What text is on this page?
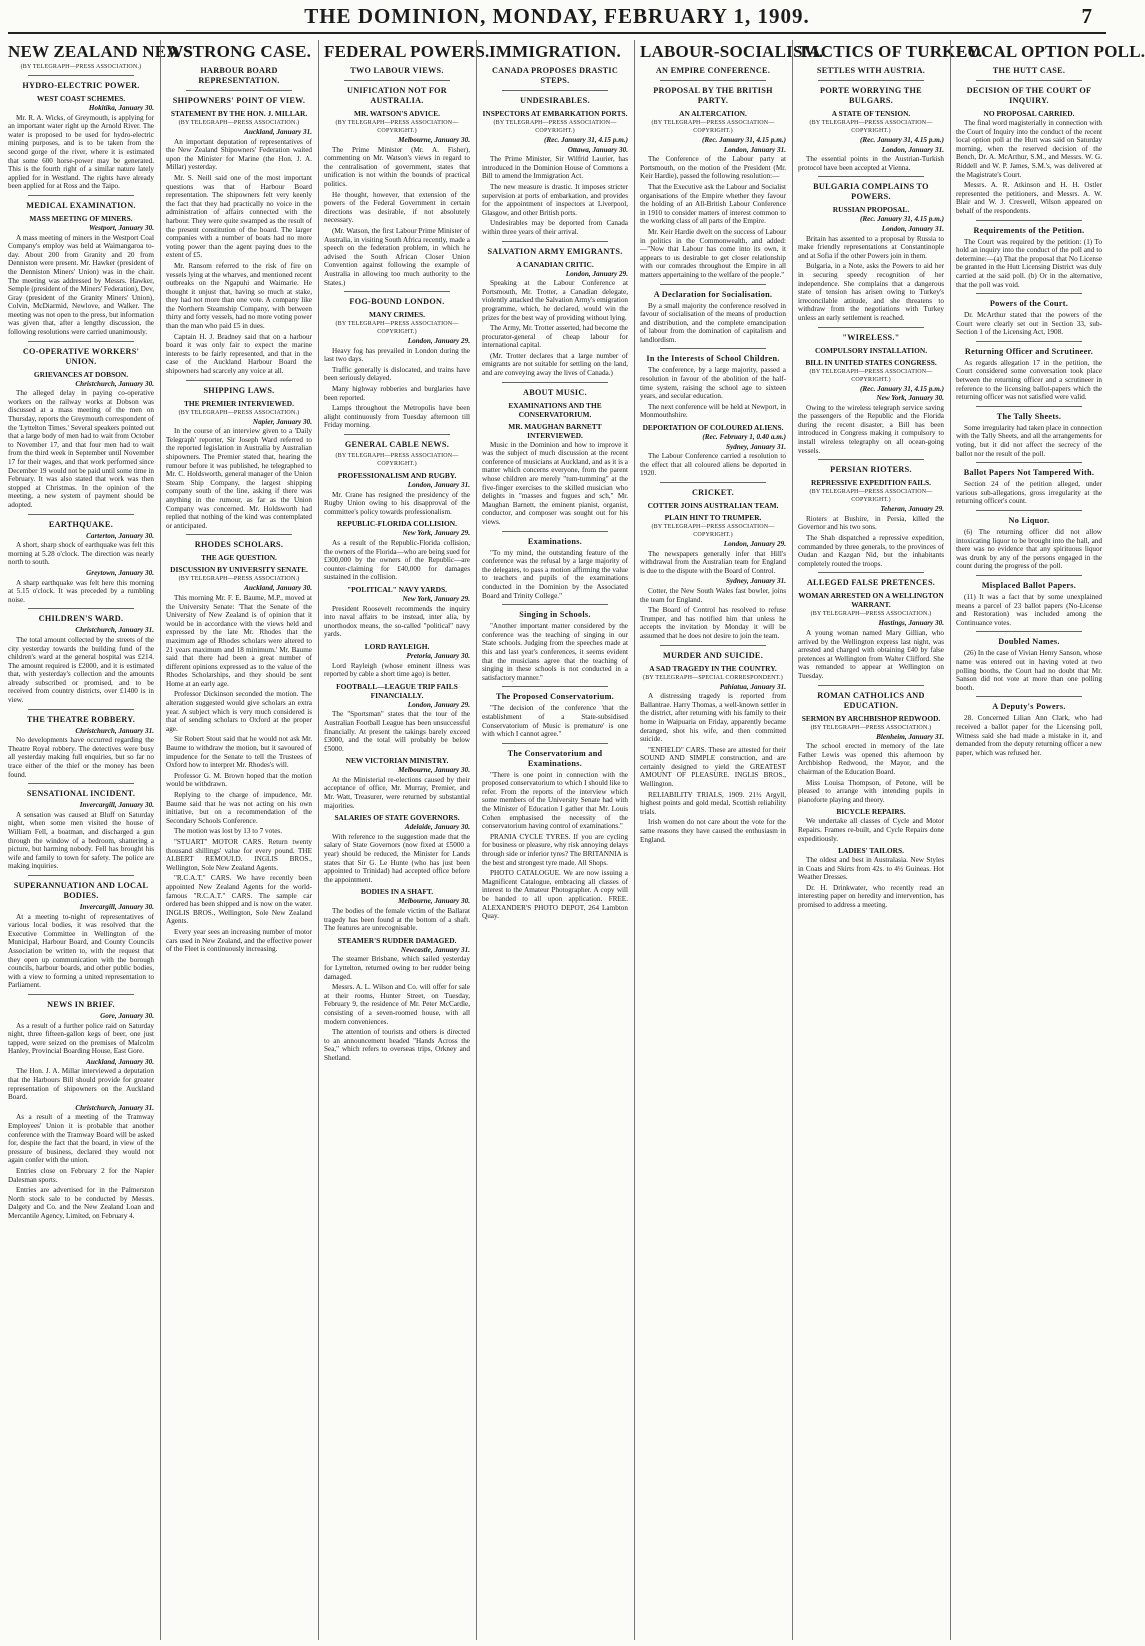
THE DOMINION, MONDAY, FEBRUARY 1, 1909.	7
NEW ZEALAND NEWS
(BY TELEGRAPH—PRESS ASSOCIATION.)
HYDRO-ELECTRIC POWER.
WEST COAST SCHEMES.
Hokitika, January 30.

Mr. R. A. Wicks, of Greymouth, is applying for an important water right up the Arnold River. The water is proposed to be used for hydro-electric mining purposes, and is to be taken from the second gorge of the river, where it is estimated that some 600 horse-power may be generated. This is the fourth right of a similar nature lately applied for in Westland. The rights have already been applied for at Ross and the Taipo.

MEDICAL EXAMINATION.
MASS MEETING OF MINERS.
Westport, January 30.

A mass meeting of miners in the Westport Coal Company's employ was held at Waimangaroa to-day. About 200 from Granity and 20 from Denniston were present. Mr. Hawker (president of the Denniston Miners' Union) was in the chair. The meeting was addressed by Messrs. Hawker, Semple (president of the Miners' Federation), Dev, Gray (president of the Granity Miners' Union), Colvin, McDiarmid, Newlove, and Walker. The meeting was not open to the press, but information was given that, after a lengthy discussion, the following resolutions were carried unanimously.

CO-OPERATIVE WORKERS' UNION.
GRIEVANCES AT DOBSON.
Christchurch, January 30.

The alleged delay in paying co-operative workers on the railway works at Dobson was discussed at a mass meeting of the men on Thursday, reports the Greymouth correspondent of the 'Lyttelton Times.' Several speakers pointed out that a large body of men had to wait from October to November 17, and that four men had to wait from the third week in September until November 17 for their wages, and that work performed since December 19 would not be paid until some time in February. It was also stated that work was then stopped at Christmas. In the opinion of the meeting, a new system of payment should be adopted.

EARTHQUAKE.
Carterton, January 30.

A short, sharp shock of earthquake was felt this morning at 5.28 o'clock. The direction was nearly north to south.

Greytown, January 30.

A sharp earthquake was felt here this morning at 5.15 o'clock. It was preceded by a rumbling noise.

CHILDREN'S WARD.
Christchurch, January 31.

The total amount collected by the streets of the city yesterday towards the building fund of the children's ward at the general hospital was £214. The amount required is £2000, and it is estimated that, with yesterday's collection and the amounts already subscribed or promised, and to be received from country districts, over £1400 is in view.

THE THEATRE ROBBERY.
Christchurch, January 31.

No developments have occurred regarding the Theatre Royal robbery. The detectives were busy all yesterday making full enquiries, but so far no trace either of the thief or the money has been found.

SENSATIONAL INCIDENT.
Invercargill, January 30.

A sensation was caused at Bluff on Saturday night, when some men visited the house of William Fell, a boatman, and discharged a gun through the window of a bedroom, shattering a picture, but harming nobody. Fell has brought his wife and family to town for safety. The police are making inquiries.

SUPERANNUATION AND LOCAL BODIES.
Invercargill, January 30.

At a meeting to-night of representatives of various local bodies, it was resolved that the Executive Committee in Wellington of the Municipal, Harbour Board, and County Councils Association be written to, with the request that they open up communication with the borough councils, harbour boards, and other public bodies, with a view to forming a united representation to Parliament.

NEWS IN BRIEF.
Gore, January 30.

As a result of a further police raid on Saturday night, three fifteen-gallon kegs of beer, one just tapped, were seized on the premises of Malcolm Hanley, Provincial Boarding House, East Gore.

Auckland, January 30.

The Hon. J. A. Millar interviewed a deputation that the Harbours Bill should provide for greater representation of shipowners on the Auckland Board.

Christchurch, January 31.

As a result of a meeting of the Tramway Employees' Union it is probable that another conference with the Tramway Board will be asked for, despite the fact that the board, in view of the pressure of business, declared they would not again confer with the union.

Entries close on February 2 for the Napier Dalesman sports.

Entries are advertised for in the Palmerston North stock sale to be conducted by Messrs. Dalgety and Co. and the New Zealand Loan and Mercantile Agency, Limited, on February 4.

A STRONG CASE.
HARBOUR BOARD REPRESENTATION.
SHIPOWNERS' POINT OF VIEW.
STATEMENT BY THE HON. J. MILLAR.
(BY TELEGRAPH—PRESS ASSOCIATION.)
Auckland, January 31.

An important deputation of representatives of the New Zealand Shipowners' Federation waited upon the Minister for Marine (the Hon. J. A. Millar) yesterday.

Mr. S. Neill said one of the most important questions was that of Harbour Board representation. The shipowners felt very keenly the fact that they had practically no voice in the administration of affairs connected with the harbour. They were quite swamped as the result of the present constitution of the board. The larger companies with a number of boats had no more voting power than the agent paying dues to the extent of £5.

Mr. Ransom referred to the risk of fire on vessels lying at the wharves, and mentioned recent outbreaks on the Ngapuhi and Waimarie. He thought it unjust that, having so much at stake, they had not more than one vote. A company like the Northern Steamship Company, with between thirty and forty vessels, had no more voting power than the man who paid £5 in dues.

Captain H. J. Bradney said that on a harbour board it was only fair to expect the marine interests to be fairly represented, and that in the case of the Auckland Harbour Board the shipowners had scarcely any voice at all.

SHIPPING LAWS.
THE PREMIER INTERVIEWED.
(BY TELEGRAPH—PRESS ASSOCIATION.)
Napier, January 30.

In the course of an interview given to a 'Daily Telegraph' reporter, Sir Joseph Ward referred to the reported legislation in Australia by Australian shipowners. The Premier stated that, hearing the rumour before it was published, he telegraphed to Mr. C. Holdsworth, general manager of the Union Steam Ship Company, the largest shipping company south of the line, asking if there was anything in the rumour, as far as the Union Company was concerned. Mr. Holdsworth had replied that nothing of the kind was contemplated or anticipated.

RHODES SCHOLARS.
THE AGE QUESTION.
DISCUSSION BY UNIVERSITY SENATE.
(BY TELEGRAPH—PRESS ASSOCIATION.)
Auckland, January 30.

This morning Mr. F. E. Baume, M.P., moved at the University Senate: 'That the Senate of the University of New Zealand is of opinion that it would be in accordance with the views held and expressed by the late Mr. Rhodes that the maximum age of Rhodes scholars were altered to 21 years maximum and 18 minimum.' Mr. Baume said that there had been a great number of different opinions expressed as to the value of the Rhodes Scholarships, and they should be sent Home at an early age.

Professor Dickinson seconded the motion. The alteration suggested would give scholars an extra year. A subject which is very much considered is that of sending scholars to Oxford at the proper age.

Sir Robert Stout said that he would not ask Mr. Baume to withdraw the motion, but it savoured of impudence for the Senate to tell the Trustees of Oxford how to interpret Mr. Rhodes's will.

Professor G. M. Brown hoped that the motion would be withdrawn.

Replying to the charge of impudence, Mr. Baume said that he was not acting on his own initiative, but on a recommendation of the Secondary Schools Conference.

The motion was lost by 13 to 7 votes.

"STUART" MOTOR CARS. Return twenty thousand shillings' value for every pound. THE ALBERT REMOULD. INGLIS BROS., Wellington, Sole New Zealand Agents.

"R.C.A.T." CARS. We have recently been appointed New Zealand Agents for the world-famous "R.C.A.T." CARS. The sample car ordered has been shipped and is now on the water. INGLIS BROS., Wellington, Sole New Zealand Agents.

Every year sees an increasing number of motor cars used in New Zealand, and the effective power of the Fleet is continuously increasing.

FEDERAL POWERS.
TWO LABOUR VIEWS.
UNIFICATION NOT FOR AUSTRALIA.
MR. WATSON'S ADVICE.
(BY TELEGRAPH—PRESS ASSOCIATION—COPYRIGHT.)
Melbourne, January 30.

The Prime Minister (Mr. A. Fisher), commenting on Mr. Watson's views in regard to the centralisation of government, states that unification is not within the bounds of practical politics.

He thought, however, that extension of the powers of the Federal Government in certain directions was desirable, if not absolutely necessary.

(Mr. Watson, the first Labour Prime Minister of Australia, in visiting South Africa recently, made a speech on the federation problem, in which he advised the South African Closer Union Convention against following the example of Australia in allowing too much authority to the States.)

FOG-BOUND LONDON.
MANY CRIMES.
(BY TELEGRAPH—PRESS ASSOCIATION—COPYRIGHT.)
London, January 29.

Heavy fog has prevailed in London during the last two days.

Traffic generally is dislocated, and trains have been seriously delayed.

Many highway robberies and burglaries have been reported.

Lamps throughout the Metropolis have been alight continuously from Tuesday afternoon till Friday morning.

GENERAL CABLE NEWS.
(BY TELEGRAPH—PRESS ASSOCIATION—COPYRIGHT.)
PROFESSIONALISM AND RUGBY.
London, January 31.

Mr. Crane has resigned the presidency of the Rugby Union owing to his disapproval of the committee's policy towards professionalism.

REPUBLIC-FLORIDA COLLISION.
New York, January 29.

As a result of the Republic-Florida collision, the owners of the Florida—who are being sued for £300,000 by the owners of the Republic—are counter-claiming for £40,000 for damages sustained in the collision.

"POLITICAL" NAVY YARDS.
New York, January 29.

President Roosevelt recommends the inquiry into naval affairs to be instead, inter alia, by unorthodox means, the so-called "political" navy yards.

LORD RAYLEIGH.
Pretoria, January 30.

Lord Rayleigh (whose eminent illness was reported by cable a short time ago) is better.

FOOTBALL—LEAGUE TRIP FAILS FINANCIALLY.
London, January 29.

The "Sportsman" states that the tour of the Australian Football League has been unsuccessful financially. At present the takings barely exceed £3000, and the total will probably be below £5000.

NEW VICTORIAN MINISTRY.
Melbourne, January 30.

At the Ministerial re-elections caused by their acceptance of office, Mr. Murray, Premier, and Mr. Watt, Treasurer, were returned by substantial majorities.

SALARIES OF STATE GOVERNORS.
Adelaide, January 30.

With reference to the suggestion made that the salary of State Governors (now fixed at £5000 a year) should be reduced, the Minister for Lands states that Sir G. Le Hunte (who has just been appointed to Trinidad) had accepted office before the appointment.

BODIES IN A SHAFT.
Melbourne, January 30.

The bodies of the female victim of the Ballarat tragedy has been found at the bottom of a shaft. The features are unrecognisable.

STEAMER'S RUDDER DAMAGED.
Newcastle, January 31.

The steamer Brisbane, which sailed yesterday for Lyttelton, returned owing to her rudder being damaged.

Messrs. A. L. Wilson and Co. will offer for sale at their rooms, Hunter Street, on Tuesday, February 9, the residence of Mr. Peter McCardle, consisting of a seven-roomed house, with all modern conveniences.

The attention of tourists and others is directed to an announcement headed "Hands Across the Sea," which refers to overseas trips, Orkney and Shetland.

IMMIGRATION.
CANADA PROPOSES DRASTIC STEPS.
UNDESIRABLES.
INSPECTORS AT EMBARKATION PORTS.
(BY TELEGRAPH—PRESS ASSOCIATION—COPYRIGHT.)
(Rec. January 31, 4.15 p.m.)
Ottawa, January 30.

The Prime Minister, Sir Wilfrid Laurier, has introduced in the Dominion House of Commons a Bill to amend the Immigration Act.

The new measure is drastic. It imposes stricter supervision at ports of embarkation, and provides for the appointment of inspectors at Liverpool, Glasgow, and other British ports.

Undesirables may be deported from Canada within three years of their arrival.

SALVATION ARMY EMIGRANTS.
A CANADIAN CRITIC.
London, January 29.

Speaking at the Labour Conference at Portsmouth, Mr. Trotter, a Canadian delegate, violently attacked the Salvation Army's emigration programme, which, he declared, would win the prizes for the best way of providing without lying.

The Army, Mr. Trotter asserted, had become the procurator-general of cheap labour for international capital.

(Mr. Trotter declares that a large number of emigrants are not suitable for settling on the land, and are conveying away the lives of Canada.)

ABOUT MUSIC.
EXAMINATIONS AND THE CONSERVATORIUM.
MR. MAUGHAN BARNETT INTERVIEWED.

Music in the Dominion and how to improve it was the subject of much discussion at the recent conference of musicians at Auckland, and as it is a matter which concerns everyone, from the parent whose children are merely "tum-tumming" at the five-finger exercises to the skilled musician who delights in "masses and fugues and sch," Mr. Maughan Barnett, the eminent pianist, organist, conductor, and composer was sought out for his views.

Examinations.

"To my mind, the outstanding feature of the conference was the refusal by a large majority of the delegates, to pass a motion affirming the value to teachers and pupils of the examinations conducted in the Dominion by the Associated Board and Trinity College."

Singing in Schools.

"Another important matter considered by the conference was the teaching of singing in our State schools. Judging from the speeches made at this and last year's conferences, it seems evident that the musicians agree that the teaching of singing in these schools is not conducted in a satisfactory manner."

The Proposed Conservatorium.

"The decision of the conference 'that the establishment of a State-subsidised Conservatorium of Music is premature' is one with which I cannot agree."

The Conservatorium and Examinations.

"There is one point in connection with the proposed conservatorium to which I should like to refer. From the reports of the interview which some members of the University Senate had with the Minister of Education I gather that Mr. Louis Cohen emphasised the necessity of the conservatorium having control of examinations."

PRANIA CYCLE TYRES. If you are cycling for business or pleasure, why risk annoying delays through side or inferior tyres? The BRITANNIA is the best and strongest tyre made. All Shops.

PHOTO CATALOGUE. We are now issuing a Magnificent Catalogue, embracing all classes of interest to the Amateur Photographer. A copy will be handed to all upon application. FREE. ALEXANDER'S PHOTO DEPOT, 264 Lambton Quay.

LABOUR-SOCIALISM.
AN EMPIRE CONFERENCE.
PROPOSAL BY THE BRITISH PARTY.
AN ALTERCATION.
(BY TELEGRAPH—PRESS ASSOCIATION—COPYRIGHT.)
(Rec. January 31, 4.15 p.m.)
London, January 31.

The Conference of the Labour party at Portsmouth, on the motion of the President (Mr. Keir Hardie), passed the following resolution:—

That the Executive ask the Labour and Socialist organisations of the Empire whether they favour the holding of an All-British Labour Conference in 1910 to consider matters of interest common to the working class of all parts of the Empire.

Mr. Keir Hardie dwelt on the success of Labour in politics in the Commonwealth, and added:—"Now that Labour has come into its own, it appears to us desirable to get closer relationship with our comrades throughout the Empire in all matters appertaining to the welfare of the people."

A Declaration for Socialisation.

By a small majority the conference resolved in favour of socialisation of the means of production and distribution, and the complete emancipation of labour from the domination of capitalism and landlordism.

In the Interests of School Children.

The conference, by a large majority, passed a resolution in favour of the abolition of the half-time system, raising the school age to sixteen years, and secular education.

The next conference will be held at Newport, in Monmouthshire.

DEPORTATION OF COLOURED ALIENS.
(Rec. February 1, 0.40 a.m.)
Sydney, January 31.

The Labour Conference carried a resolution to the effect that all coloured aliens be deported in 1920.

CRICKET.
COTTER JOINS AUSTRALIAN TEAM.
PLAIN HINT TO TRUMPER.
(BY TELEGRAPH—PRESS ASSOCIATION—COPYRIGHT.)
London, January 29.

The newspapers generally infer that Hill's withdrawal from the Australian team for England is due to the dispute with the Board of Control.

Sydney, January 31.

Cotter, the New South Wales fast bowler, joins the team for England.

The Board of Control has resolved to refuse Trumper, and has notified him that unless he accepts the invitation by Monday it will be assumed that he does not desire to join the team.

MURDER AND SUICIDE.
A SAD TRAGEDY IN THE COUNTRY.
(BY TELEGRAPH—SPECIAL CORRESPONDENT.)
Pahiatua, January 31.

A distressing tragedy is reported from Ballantrae. Harry Thomas, a well-known settler in the district, after returning with his family to their home in Waipuaria on Friday, apparently became deranged, shot his wife, and then committed suicide.

"ENFIELD" CARS. These are attested for their SOUND AND SIMPLE construction, and are certainly designed to yield the GREATEST AMOUNT OF PLEASURE. INGLIS BROS., Wellington.

RELIABILITY TRIALS, 1909. 21½ Argyll, highest points and gold medal, Scottish reliability trials.

Irish women do not care about the vote for the same reasons they have caused the enthusiasm in England.

TACTICS OF TURKEY.
SETTLES WITH AUSTRIA.
PORTE WORRYING THE BULGARS.
A STATE OF TENSION.
(BY TELEGRAPH—PRESS ASSOCIATION—COPYRIGHT.)
(Rec. January 31, 4.15 p.m.)
London, January 31.

The essential points in the Austrian-Turkish protocol have been accepted at Vienna.

BULGARIA COMPLAINS TO POWERS.
RUSSIAN PROPOSAL.
(Rec. January 31, 4.15 p.m.)
London, January 31.

Britain has assented to a proposal by Russia to make friendly representations at Constantinople and at Sofia if the other Powers join in them.

Bulgaria, in a Note, asks the Powers to aid her in securing speedy recognition of her independence. She complains that a dangerous state of tension has arisen owing to Turkey's irreconcilable attitude, and she threatens to withdraw from the negotiations with Turkey unless an early settlement is reached.

"WIRELESS."
COMPULSORY INSTALLATION.
BILL IN UNITED STATES CONGRESS.
(BY TELEGRAPH—PRESS ASSOCIATION—COPYRIGHT.)
(Rec. January 31, 4.15 p.m.)
New York, January 30.

Owing to the wireless telegraph service saving the passengers of the Republic and the Florida during the recent disaster, a Bill has been introduced in Congress making it compulsory to install wireless telegraphy on all ocean-going vessels.

PERSIAN RIOTERS.
REPRESSIVE EXPEDITION FAILS.
(BY TELEGRAPH—PRESS ASSOCIATION—COPYRIGHT.)
Teheran, January 29.

Rioters at Bushire, in Persia, killed the Governor and his two sons.

The Shah dispatched a repressive expedition, commanded by three generals, to the provinces of Oudan and Kazgan Nid, but the inhabitants completely routed the troops.

ALLEGED FALSE PRETENCES.
WOMAN ARRESTED ON A WELLINGTON WARRANT.
(BY TELEGRAPH—PRESS ASSOCIATION.)
Hastings, January 30.

A young woman named Mary Gillian, who arrived by the Wellington express last night, was arrested and charged with obtaining £40 by false pretences at Wellington from Walter Clifford. She was remanded to appear at Wellington on Tuesday.

ROMAN CATHOLICS AND EDUCATION.
SERMON BY ARCHBISHOP REDWOOD.
(BY TELEGRAPH—PRESS ASSOCIATION.)
Blenheim, January 31.

The school erected in memory of the late Father Lewis was opened this afternoon by Archbishop Redwood, the Mayor, and the chairman of the Education Board.

Miss Louisa Thompson, of Petone, will be pleased to arrange with intending pupils in pianoforte playing and theory.

BICYCLE REPAIRS.

We undertake all classes of Cycle and Motor Repairs. Frames re-built, and Cycle Repairs done expeditiously.

LADIES' TAILORS.

The oldest and best in Australasia. New Styles in Coats and Skirts from 42s. to 4½ Guineas. Hot Weather Dresses.

Dr. H. Drinkwater, who recently read an interesting paper on heredity and intervention, has promised to address a meeting.

LOCAL OPTION POLL.
THE HUTT CASE.
DECISION OF THE COURT OF INQUIRY.
NO PROPOSAL CARRIED.

The final word magisterially in connection with the Court of Inquiry into the conduct of the recent local option poll at the Hutt was said on Saturday morning, when the reserved decision of the Bench, Dr. A. McArthur, S.M., and Messrs. W. G. Riddell and W. P. James, S.M.'s, was delivered at the Magistrate's Court.

Messrs. A. R. Atkinson and H. H. Ostler represented the petitioners, and Messrs. A. W. Blair and W. J. Creswell, Wilson appeared on behalf of the respondents.

Requirements of the Petition.

The Court was required by the petition: (1) To hold an inquiry into the conduct of the poll and to determine:—(a) That the proposal that No License be granted in the Hutt Licensing District was duly carried at the said poll. (b) Or in the alternative, that the poll was void.

Powers of the Court.

Dr. McArthur stated that the powers of the Court were clearly set out in Section 33, sub-Section 1 of the Licensing Act, 1908.

Returning Officer and Scrutineer.

As regards allegation 17 in the petition, the Court considered some conversation took place between the returning officer and a scrutineer in reference to the licensing ballot-papers which the returning officer was not satisfied were valid.

The Tally Sheets.

Some irregularity had taken place in connection with the Tally Sheets, and all the arrangements for voting, but it did not affect the secrecy of the ballot nor the result of the poll.

Ballot Papers Not Tampered With.

Section 24 of the petition alleged, under various sub-allegations, gross irregularity at the returning officer's count.

No Liquor.

(6) The returning officer did not allow intoxicating liquor to be brought into the hall, and there was no evidence that any spirituous liquor was drunk by any of the persons engaged in the count during the progress of the poll.

Misplaced Ballot Papers.

(11) It was a fact that by some unexplained means a parcel of 23 ballot papers (No-License and Restoration) was included among the Continuance votes.

Doubled Names.

(26) In the case of Vivian Henry Sanson, whose name was entered out in having voted at two polling booths, the Court had no doubt that Mr. Sanson did not vote at more than one polling booth.

A Deputy's Powers.

28. Concerned Lilian Ann Clark, who had received a ballot paper for the Licensing poll, Witness said she had made a mistake in it, and demanded from the deputy returning officer a new paper, which was refused her.
